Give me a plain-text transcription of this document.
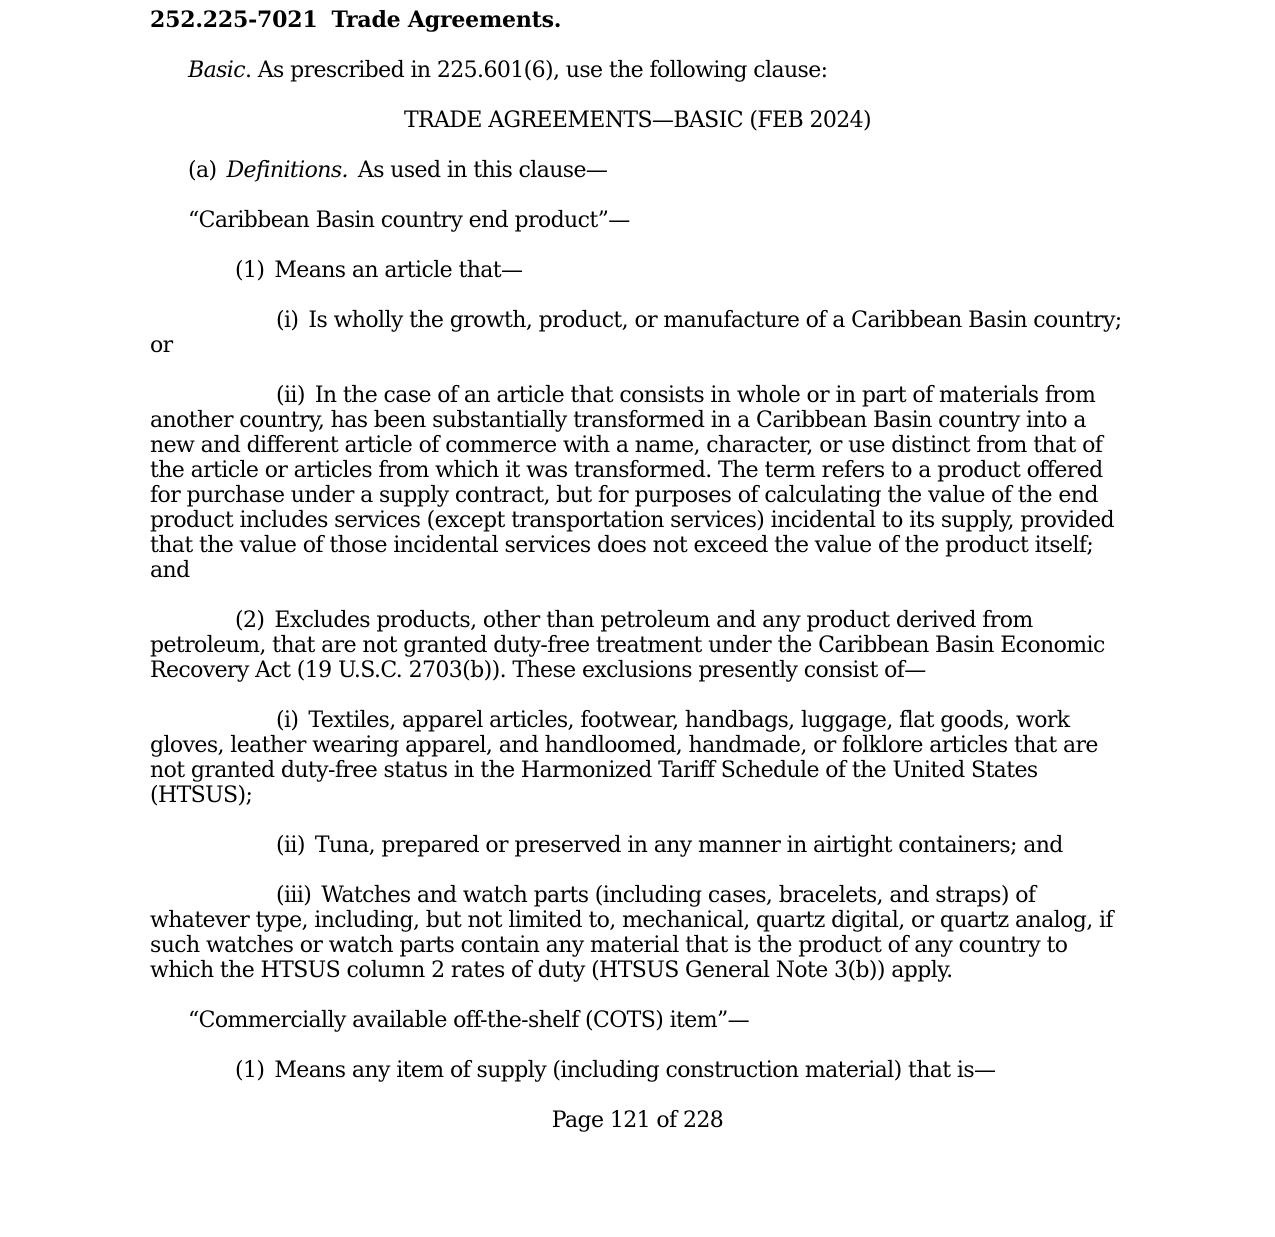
252.225-7021 Trade Agreements.

Basic. As prescribed in 225.601(6), use the following clause:

TRADE AGREEMENTS—BASIC (FEB 2024)

(a) Definitions. As used in this clause—

“Caribbean Basin country end product”—

(1) Means an article that—

(i) Is wholly the growth, product, or manufacture of a Caribbean Basin country; or

(ii) In the case of an article that consists in whole or in part of materials from another country, has been substantially transformed in a Caribbean Basin country into a new and different article of commerce with a name, character, or use distinct from that of the article or articles from which it was transformed. The term refers to a product offered for purchase under a supply contract, but for purposes of calculating the value of the end product includes services (except transportation services) incidental to its supply, provided that the value of those incidental services does not exceed the value of the product itself; and

(2) Excludes products, other than petroleum and any product derived from petroleum, that are not granted duty-free treatment under the Caribbean Basin Economic Recovery Act (19 U.S.C. 2703(b)). These exclusions presently consist of—

(i) Textiles, apparel articles, footwear, handbags, luggage, flat goods, work gloves, leather wearing apparel, and handloomed, handmade, or folklore articles that are not granted duty-free status in the Harmonized Tariff Schedule of the United States (HTSUS);

(ii) Tuna, prepared or preserved in any manner in airtight containers; and

(iii) Watches and watch parts (including cases, bracelets, and straps) of whatever type, including, but not limited to, mechanical, quartz digital, or quartz analog, if such watches or watch parts contain any material that is the product of any country to which the HTSUS column 2 rates of duty (HTSUS General Note 3(b)) apply.

“Commercially available off-the-shelf (COTS) item”—

(1) Means any item of supply (including construction material) that is—

Page 121 of 228
